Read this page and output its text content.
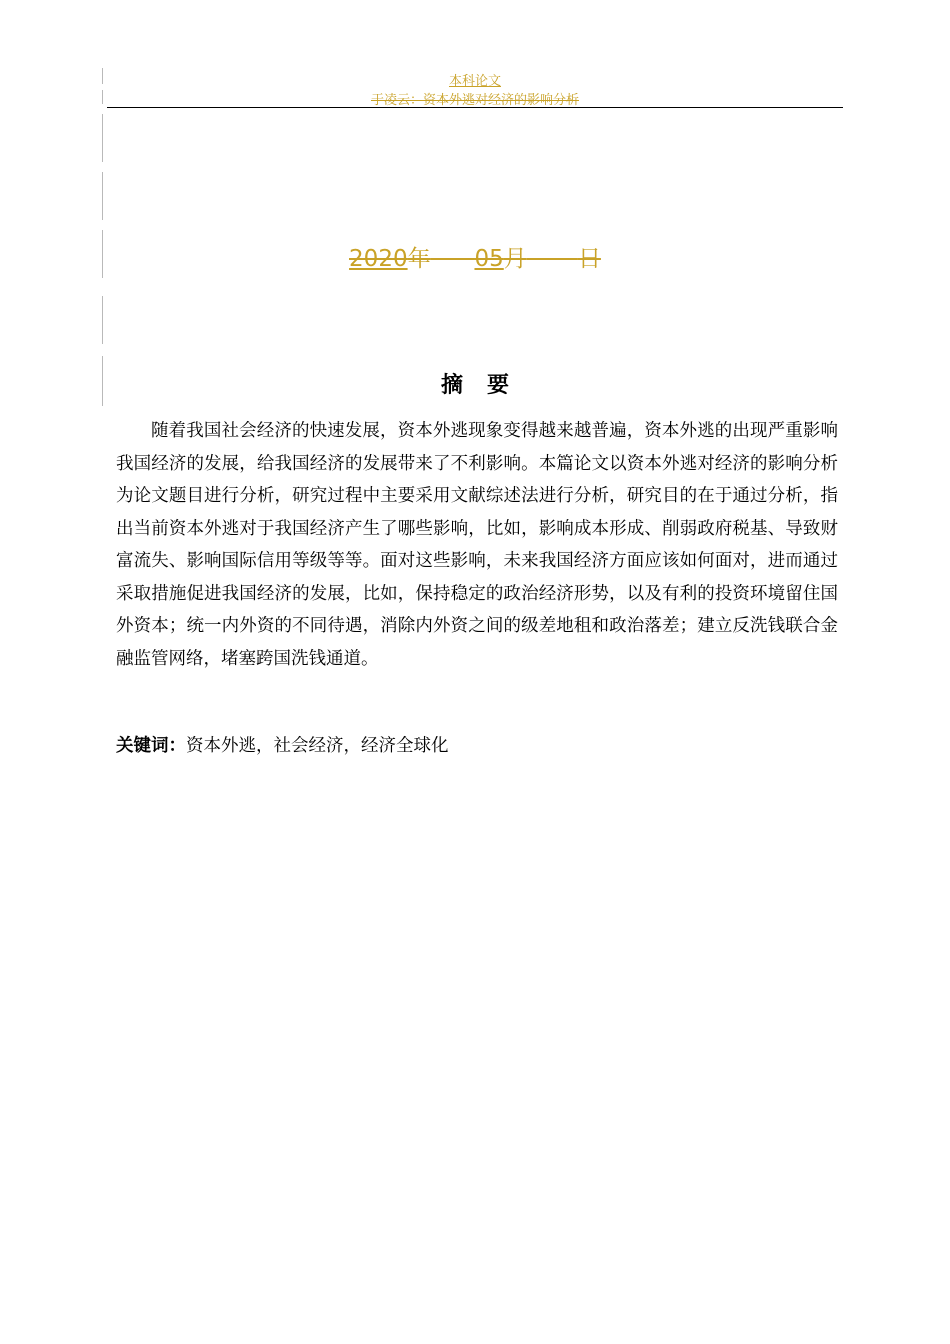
本科论文
于凌云：资本外逃对经济的影响分析
2020年 05月 日
摘要
随着我国社会经济的快速发展，资本外逃现象变得越来越普遍，资本外逃的出现严重影响我国经济的发展，给我国经济的发展带来了不利影响。本篇论文以资本外逃对经济的影响分析为论文题目进行分析，研究过程中主要采用文献综述法进行分析，研究目的在于通过分析，指出当前资本外逃对于我国经济产生了哪些影响，比如，影响成本形成、削弱政府税基、导致财富流失、影响国际信用等级等等。面对这些影响，未来我国经济方面应该如何面对，进而通过采取措施促进我国经济的发展，比如，保持稳定的政治经济形势，以及有利的投资环境留住国外资本；统一内外资的不同待遇，消除内外资之间的级差地租和政治落差；建立反洗钱联合金融监管网络，堵塞跨国洗钱通道。
关键词：资本外逃，社会经济，经济全球化
